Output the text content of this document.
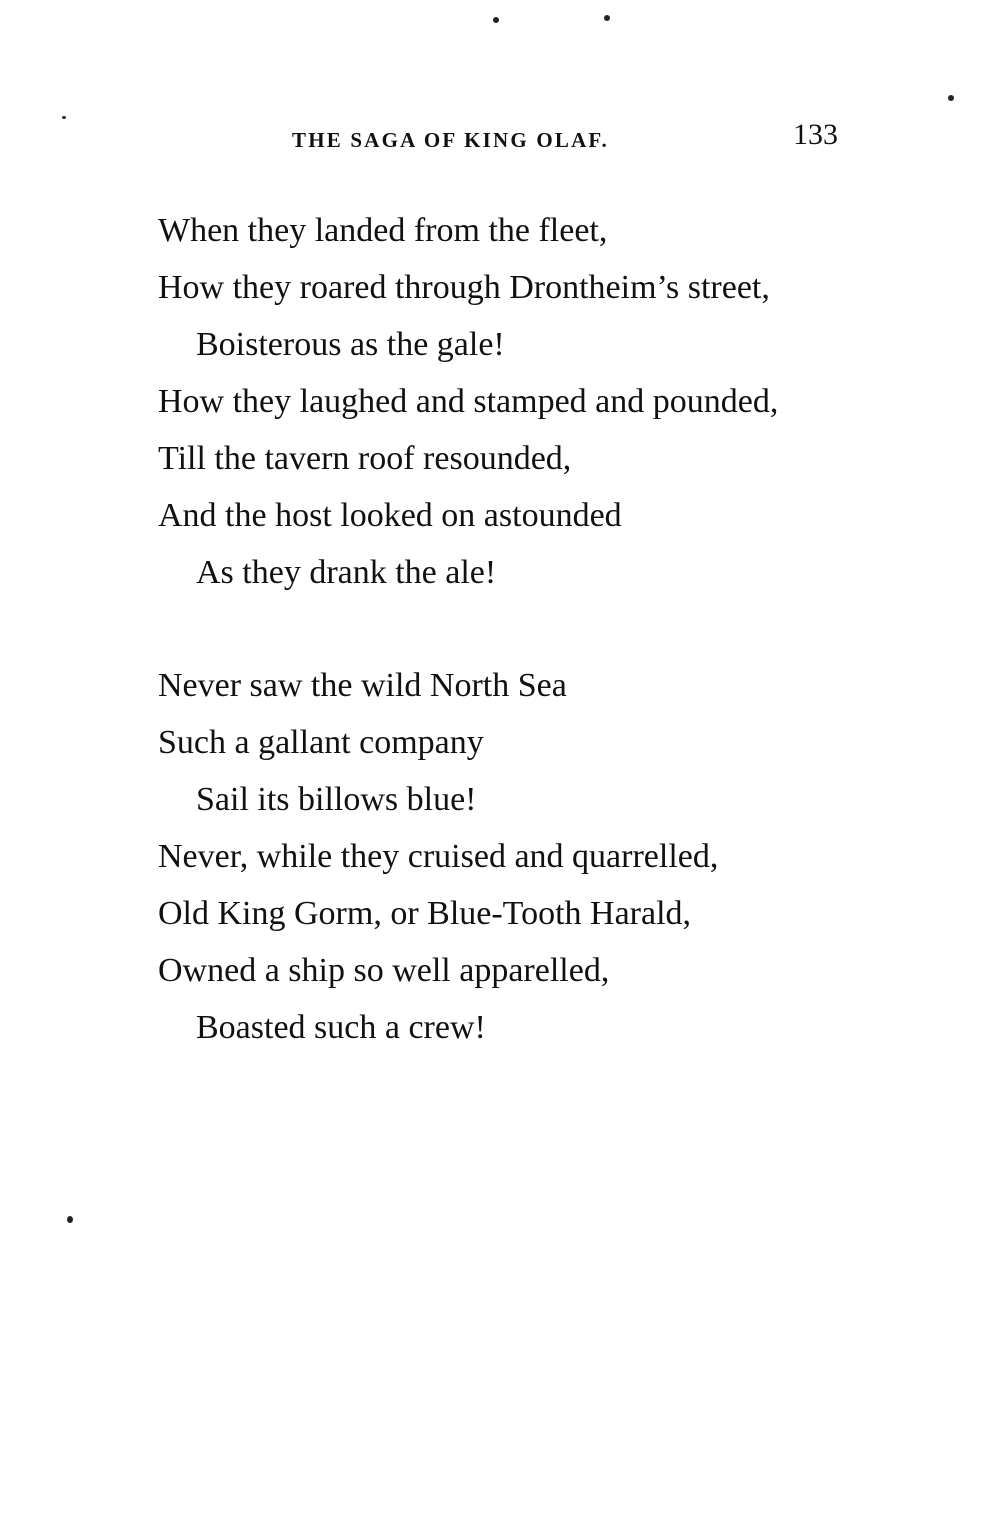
THE SAGA OF KING OLAF.	133
When they landed from the fleet,
How they roared through Drontheim’s street,
Boisterous as the gale!
How they laughed and stamped and pounded,
Till the tavern roof resounded,
And the host looked on astounded
As they drank the ale!
Never saw the wild North Sea
Such a gallant company
Sail its billows blue!
Never, while they cruised and quarrelled,
Old King Gorm, or Blue-Tooth Harald,
Owned a ship so well apparelled,
Boasted such a crew!
